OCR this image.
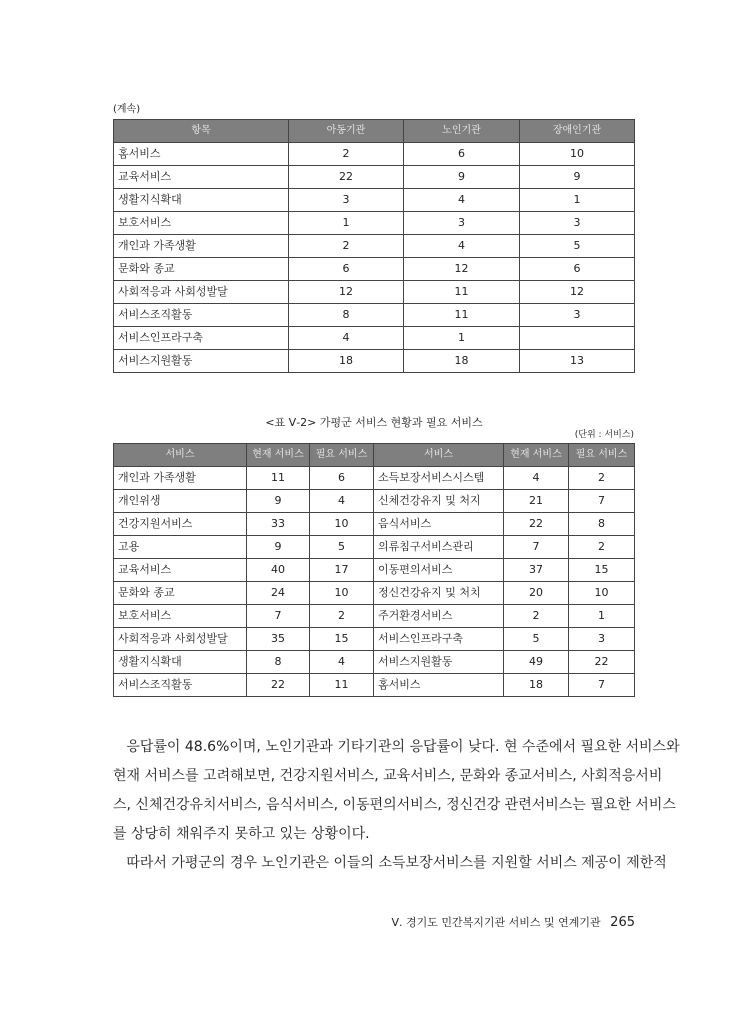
(계속)
항목	아동기관	노인기관	장애인기관
홈서비스	2	6	10
교육서비스	22	9	9
생활지식확대	3	4	1
보호서비스	1	3	3
개인과 가족생활	2	4	5
문화와 종교	6	12	6
사회적응과 사회성발달	12	11	12
서비스조직활동	8	11	3
서비스인프라구축	4	1	
서비스지원활동	18	18	13
<표 Ⅴ-2> 가평군 서비스 현황과 필요 서비스
(단위 : 서비스)
서비스	현재 서비스	필요 서비스	서비스	현재 서비스	필요 서비스
개인과 가족생활	11	6	소득보장서비스시스템	4	2
개인위생	9	4	신체건강유지 및 처지	21	7
건강지원서비스	33	10	음식서비스	22	8
고용	9	5	의류침구서비스관리	7	2
교육서비스	40	17	이동편의서비스	37	15
문화와 종교	24	10	정신건강유지 및 처치	20	10
보호서비스	7	2	주거환경서비스	2	1
사회적응과 사회성발달	35	15	서비스인프라구축	5	3
생활지식확대	8	4	서비스지원활동	49	22
서비스조직활동	22	11	홈서비스	18	7
응답률이 48.6%이며, 노인기관과 기타기관의 응답률이 낮다. 현 수준에서 필요한 서비스와
현재 서비스를 고려해보면, 건강지원서비스, 교육서비스, 문화와 종교서비스, 사회적응서비
스, 신체건강유치서비스, 음식서비스, 이동편의서비스, 정신건강 관련서비스는 필요한 서비스
를 상당히 채워주지 못하고 있는 상황이다.
따라서 가평군의 경우 노인기관은 이들의 소득보장서비스를 지원할 서비스 제공이 제한적
Ⅴ. 경기도 민간복지기관 서비스 및 연계기관 265
